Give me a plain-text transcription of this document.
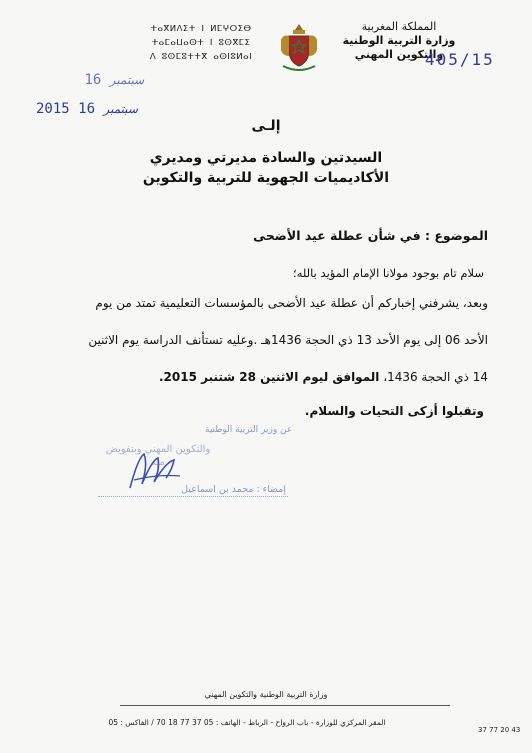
ⵜⴰⴳⵍⴷⵉⵜ ⵏ ⵍⵎⵖⵔⵉⴱ
ⵜⴰⵎⴰⵡⴰⵙⵜ ⵏ ⵓⵙⴳⵎⵉ
ⴷ ⵓⵙⵎⵓⵜⵜⴳ ⴰⵙⵏⵓⵍⴰⵏ
المملكة المغربية
وزارة التربية الوطنية
والتكوين المهني
405/15
سبتمبر 16
2015	سبتمبر 16
إلـى
السيدتين والسادة مديرتي ومديري
الأكاديميات الجهوية للتربية والتكوين
الموضوع : في شأن عطلة عيد الأضحى
سلام تام بوجود مولانا الإمام المؤيد بالله؛
وبعد، يشرفني إخباركم أن عطلة عيد الأضحى بالمؤسسات التعليمية تمتد من يوم
الأحد 06 إلى يوم الأحد 13 ذي الحجة 1436هـ .وعليه تستأنف الدراسة يوم الاثنين
14 ذي الحجة 1436، الموافق ليوم الاثنين 28 شتنبر 2015.
وتقبلوا أزكى التحيات والسلام.
عن وزير التربية الوطنية
والتكوين المهني وبتفويض منه
إمضاء : محمد بن اسماعيل
وزارة التربية الوطنية والتكوين المهني
المقر المركزي للوزارة - باب الرواح - الرباط - الهاتف : 05 37 77 18 70 / الفاكس : 05
37 77 20 43
